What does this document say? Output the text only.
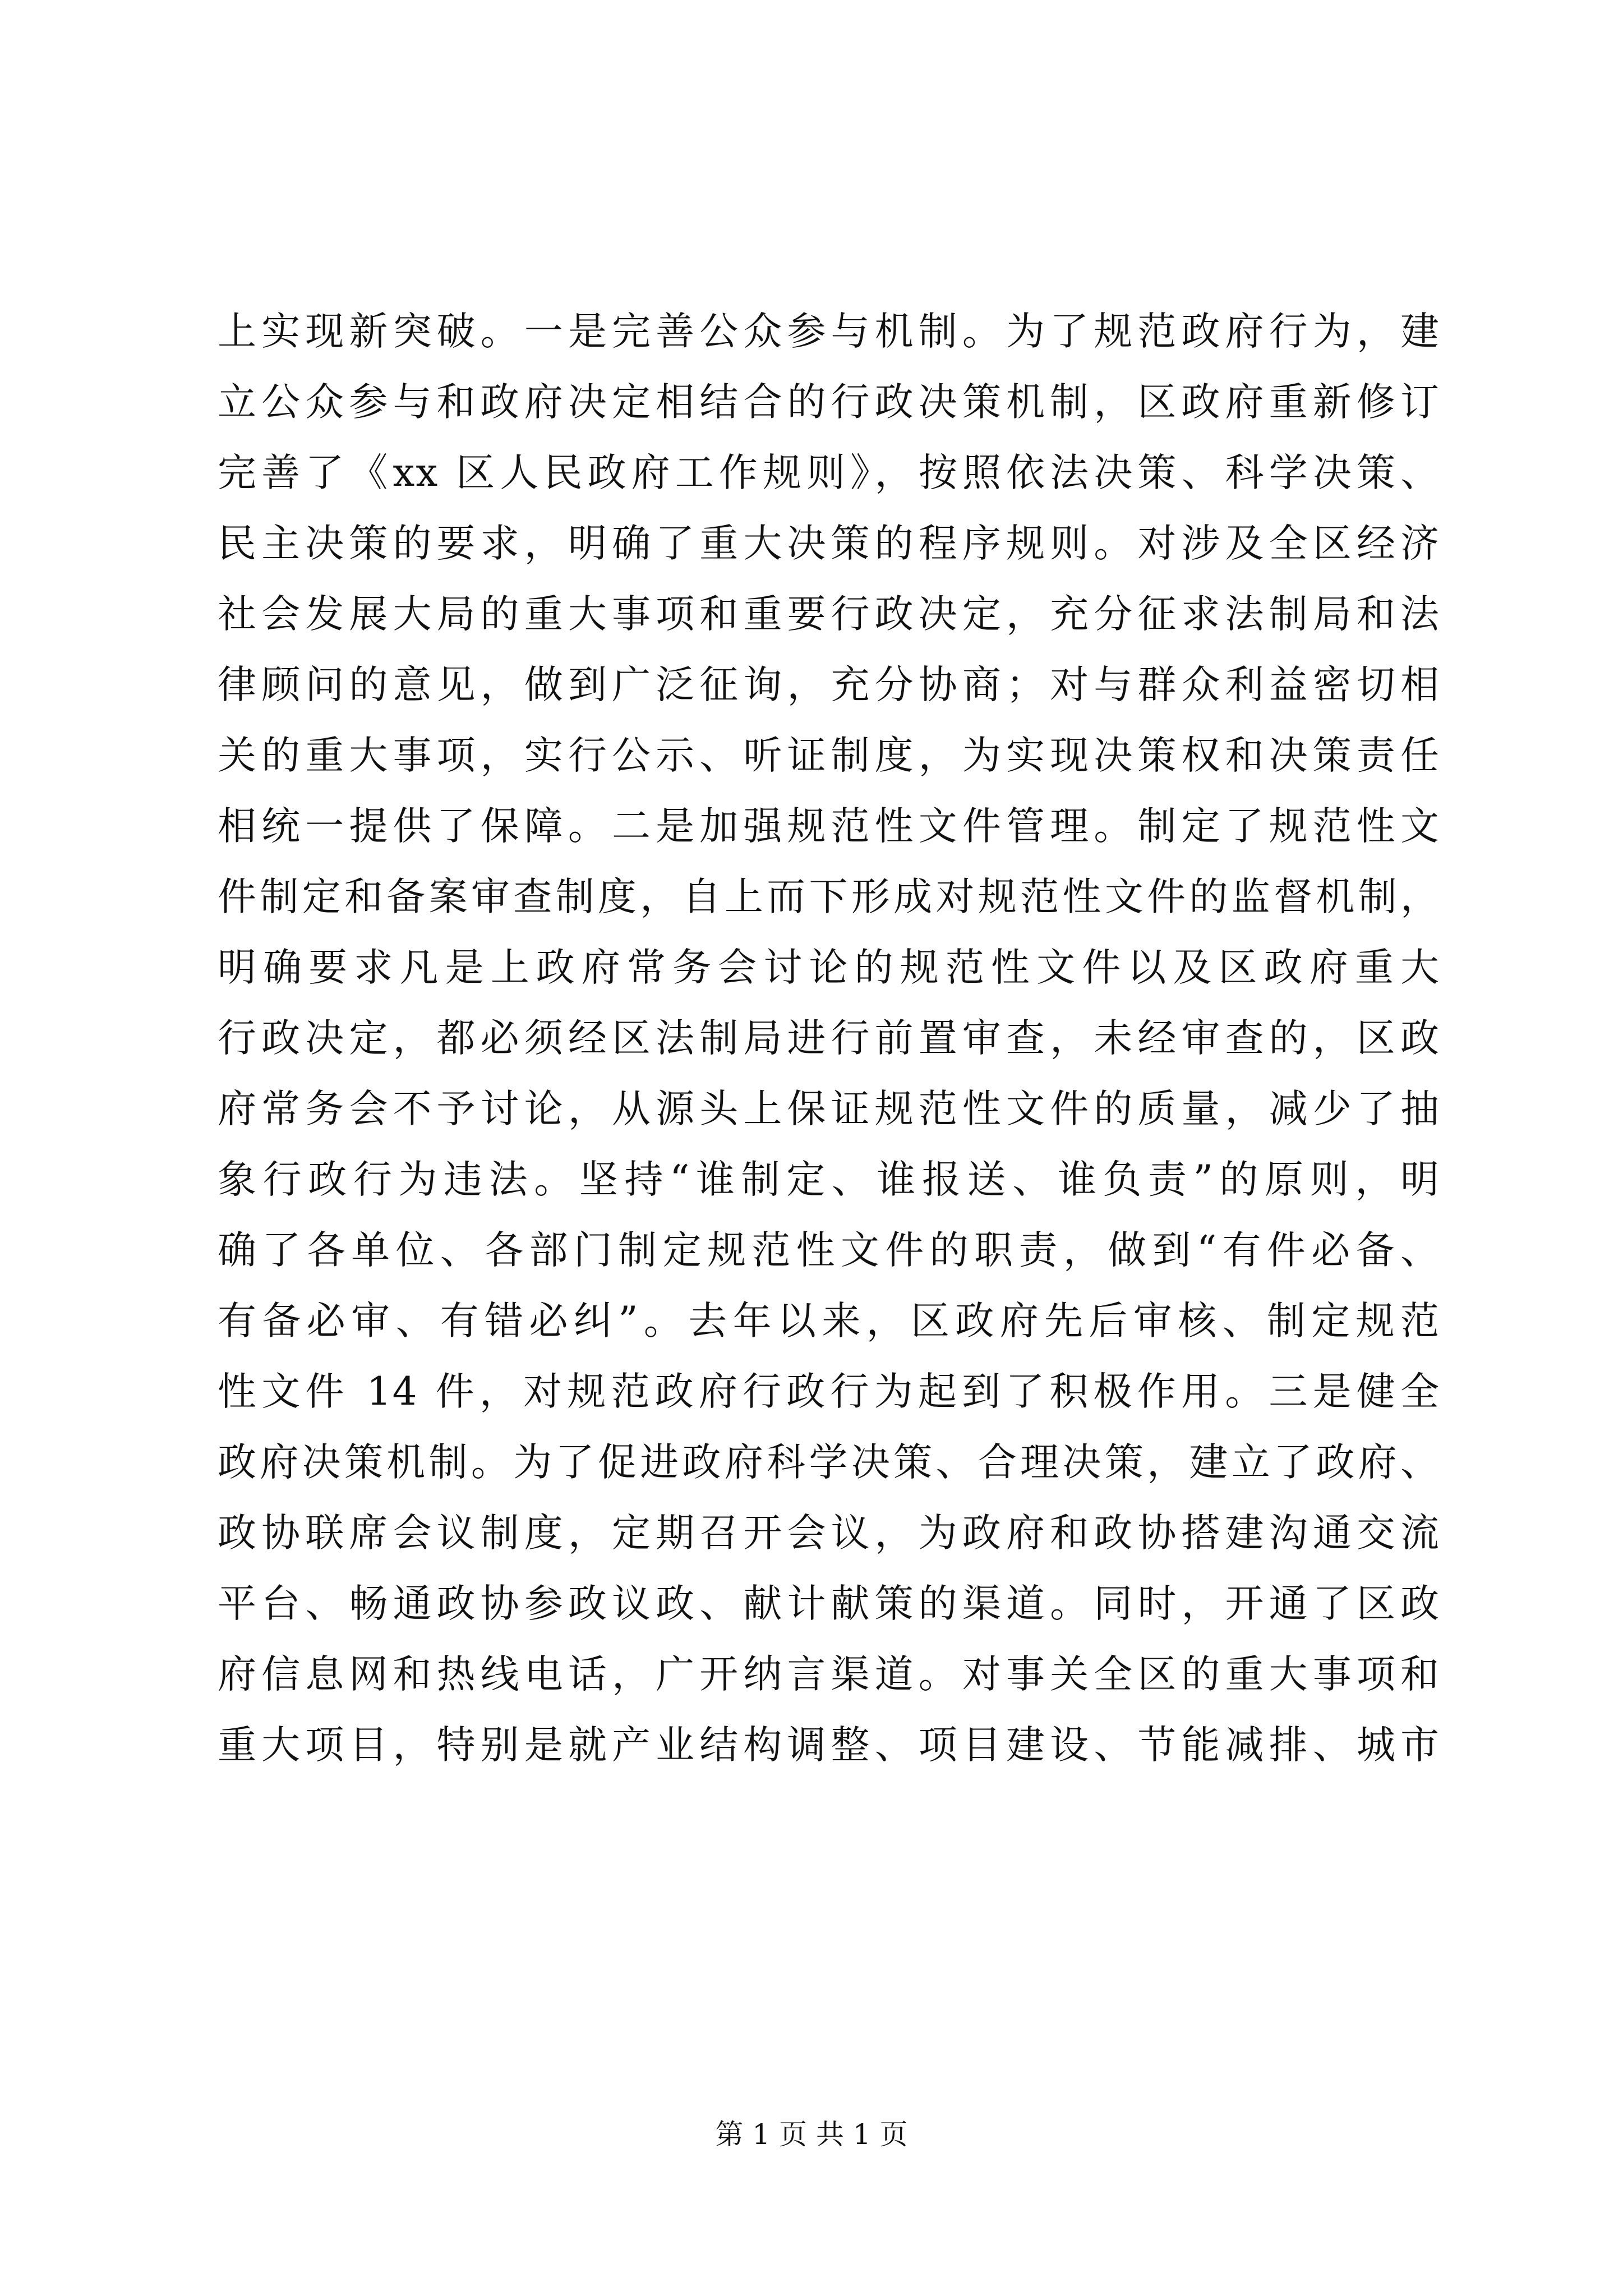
上实现新突破。一是完善公众参与机制。为了规范政府行为，建
立公众参与和政府决定相结合的行政决策机制，区政府重新修订
完善了《xx 区人民政府工作规则》，按照依法决策、科学决策、
民主决策的要求，明确了重大决策的程序规则。对涉及全区经济
社会发展大局的重大事项和重要行政决定，充分征求法制局和法
律顾问的意见，做到广泛征询，充分协商；对与群众利益密切相
关的重大事项，实行公示、听证制度，为实现决策权和决策责任
相统一提供了保障。二是加强规范性文件管理。制定了规范性文
件制定和备案审查制度，自上而下形成对规范性文件的监督机制，
明确要求凡是上政府常务会讨论的规范性文件以及区政府重大
行政决定，都必须经区法制局进行前置审查，未经审查的，区政
府常务会不予讨论，从源头上保证规范性文件的质量，减少了抽
象行政行为违法。坚持“谁制定、谁报送、谁负责”的原则，明
确了各单位、各部门制定规范性文件的职责，做到“有件必备、
有备必审、有错必纠”。去年以来，区政府先后审核、制定规范
性文件 14 件，对规范政府行政行为起到了积极作用。三是健全
政府决策机制。为了促进政府科学决策、合理决策，建立了政府、
政协联席会议制度，定期召开会议，为政府和政协搭建沟通交流
平台、畅通政协参政议政、献计献策的渠道。同时，开通了区政
府信息网和热线电话，广开纳言渠道。对事关全区的重大事项和
重大项目，特别是就产业结构调整、项目建设、节能减排、城市
第 1 页 共 1 页
